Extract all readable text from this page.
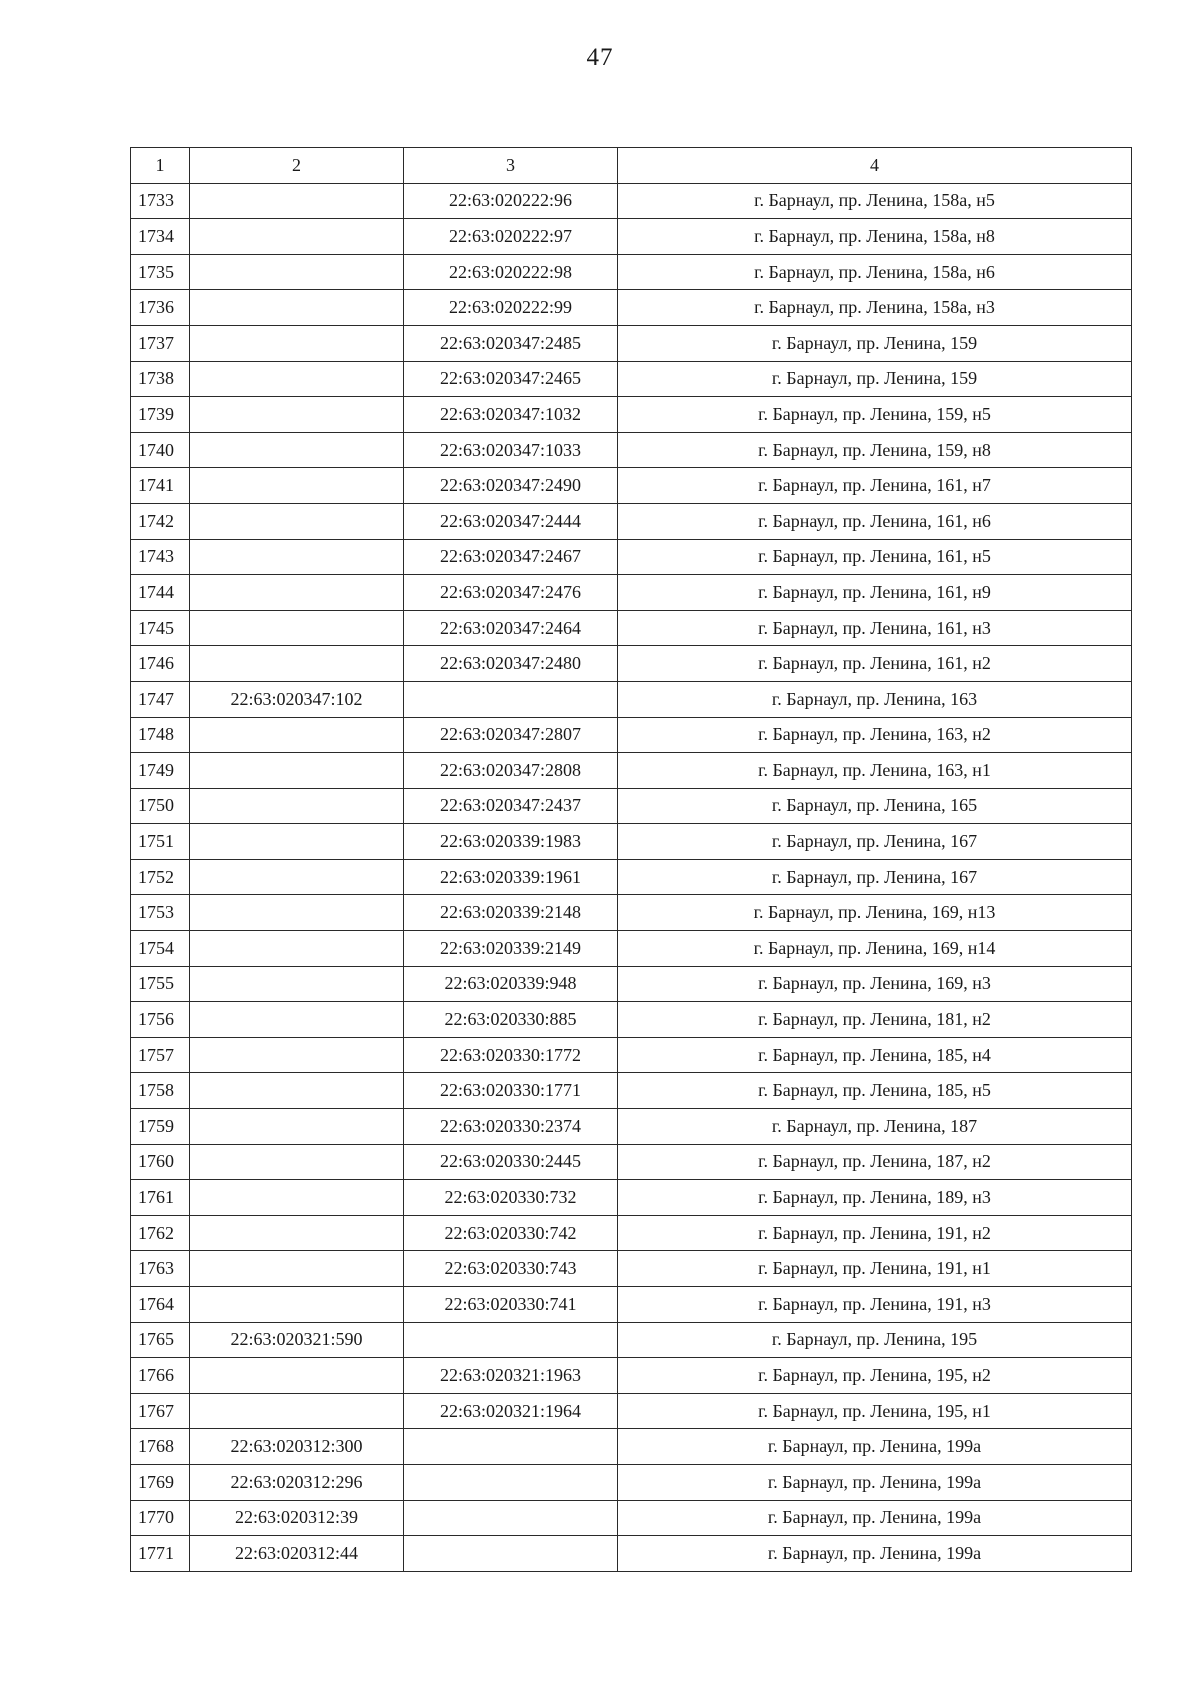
47
1	2	3	4
1733		22:63:020222:96	г. Барнаул, пр. Ленина, 158а, н5
1734		22:63:020222:97	г. Барнаул, пр. Ленина, 158а, н8
1735		22:63:020222:98	г. Барнаул, пр. Ленина, 158а, н6
1736		22:63:020222:99	г. Барнаул, пр. Ленина, 158а, н3
1737		22:63:020347:2485	г. Барнаул, пр. Ленина, 159
1738		22:63:020347:2465	г. Барнаул, пр. Ленина, 159
1739		22:63:020347:1032	г. Барнаул, пр. Ленина, 159, н5
1740		22:63:020347:1033	г. Барнаул, пр. Ленина, 159, н8
1741		22:63:020347:2490	г. Барнаул, пр. Ленина, 161, н7
1742		22:63:020347:2444	г. Барнаул, пр. Ленина, 161, н6
1743		22:63:020347:2467	г. Барнаул, пр. Ленина, 161, н5
1744		22:63:020347:2476	г. Барнаул, пр. Ленина, 161, н9
1745		22:63:020347:2464	г. Барнаул, пр. Ленина, 161, н3
1746		22:63:020347:2480	г. Барнаул, пр. Ленина, 161, н2
1747	22:63:020347:102		г. Барнаул, пр. Ленина, 163
1748		22:63:020347:2807	г. Барнаул, пр. Ленина, 163, н2
1749		22:63:020347:2808	г. Барнаул, пр. Ленина, 163, н1
1750		22:63:020347:2437	г. Барнаул, пр. Ленина, 165
1751		22:63:020339:1983	г. Барнаул, пр. Ленина, 167
1752		22:63:020339:1961	г. Барнаул, пр. Ленина, 167
1753		22:63:020339:2148	г. Барнаул, пр. Ленина, 169, н13
1754		22:63:020339:2149	г. Барнаул, пр. Ленина, 169, н14
1755		22:63:020339:948	г. Барнаул, пр. Ленина, 169, н3
1756		22:63:020330:885	г. Барнаул, пр. Ленина, 181, н2
1757		22:63:020330:1772	г. Барнаул, пр. Ленина, 185, н4
1758		22:63:020330:1771	г. Барнаул, пр. Ленина, 185, н5
1759		22:63:020330:2374	г. Барнаул, пр. Ленина, 187
1760		22:63:020330:2445	г. Барнаул, пр. Ленина, 187, н2
1761		22:63:020330:732	г. Барнаул, пр. Ленина, 189, н3
1762		22:63:020330:742	г. Барнаул, пр. Ленина, 191, н2
1763		22:63:020330:743	г. Барнаул, пр. Ленина, 191, н1
1764		22:63:020330:741	г. Барнаул, пр. Ленина, 191, н3
1765	22:63:020321:590		г. Барнаул, пр. Ленина, 195
1766		22:63:020321:1963	г. Барнаул, пр. Ленина, 195, н2
1767		22:63:020321:1964	г. Барнаул, пр. Ленина, 195, н1
1768	22:63:020312:300		г. Барнаул, пр. Ленина, 199а
1769	22:63:020312:296		г. Барнаул, пр. Ленина, 199а
1770	22:63:020312:39		г. Барнаул, пр. Ленина, 199а
1771	22:63:020312:44		г. Барнаул, пр. Ленина, 199а
